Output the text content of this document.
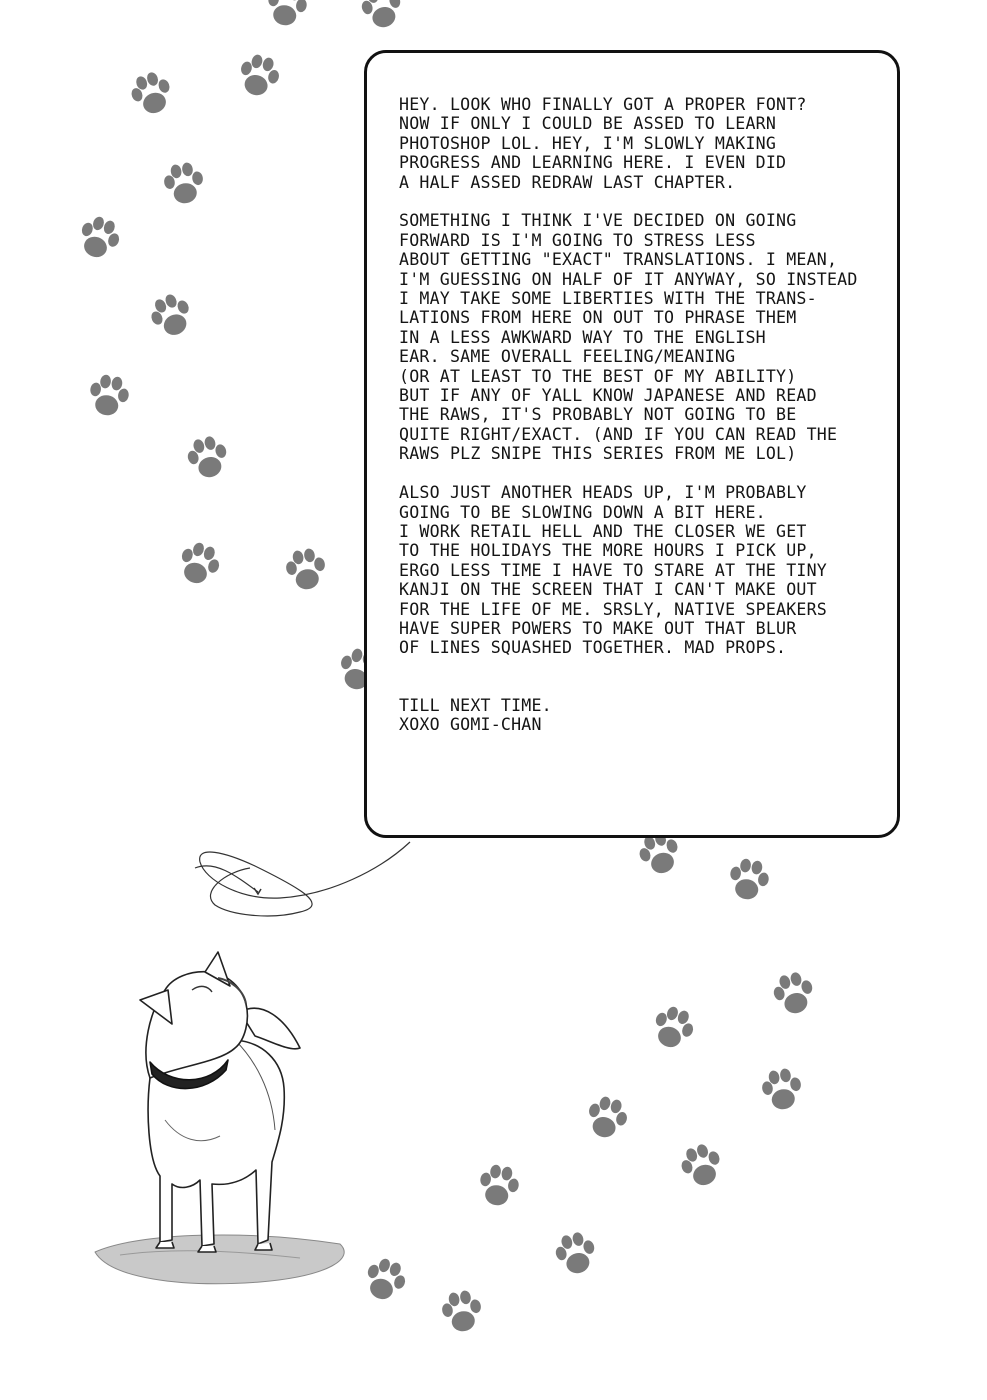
HEY. LOOK WHO FINALLY GOT A PROPER FONT?
NOW IF ONLY I COULD BE ASSED TO LEARN
PHOTOSHOP LOL. HEY, I'M SLOWLY MAKING
PROGRESS AND LEARNING HERE. I EVEN DID
A HALF ASSED REDRAW LAST CHAPTER.

SOMETHING I THINK I'VE DECIDED ON GOING
FORWARD IS I'M GOING TO STRESS LESS
ABOUT GETTING "EXACT" TRANSLATIONS. I MEAN,
I'M GUESSING ON HALF OF IT ANYWAY, SO INSTEAD
I MAY TAKE SOME LIBERTIES WITH THE TRANS-
LATIONS FROM HERE ON OUT TO PHRASE THEM
IN A LESS AWKWARD WAY TO THE ENGLISH
EAR. SAME OVERALL FEELING/MEANING
(OR AT LEAST TO THE BEST OF MY ABILITY)
BUT IF ANY OF YALL KNOW JAPANESE AND READ
THE RAWS, IT'S PROBABLY NOT GOING TO BE
QUITE RIGHT/EXACT. (AND IF YOU CAN READ THE
RAWS PLZ SNIPE THIS SERIES FROM ME LOL)

ALSO JUST ANOTHER HEADS UP, I'M PROBABLY
GOING TO BE SLOWING DOWN A BIT HERE.
I WORK RETAIL HELL AND THE CLOSER WE GET
TO THE HOLIDAYS THE MORE HOURS I PICK UP,
ERGO LESS TIME I HAVE TO STARE AT THE TINY
KANJI ON THE SCREEN THAT I CAN'T MAKE OUT
FOR THE LIFE OF ME. SRSLY, NATIVE SPEAKERS
HAVE SUPER POWERS TO MAKE OUT THAT BLUR
OF LINES SQUASHED TOGETHER. MAD PROPS.

TILL NEXT TIME.
XOXO GOMI-CHAN
